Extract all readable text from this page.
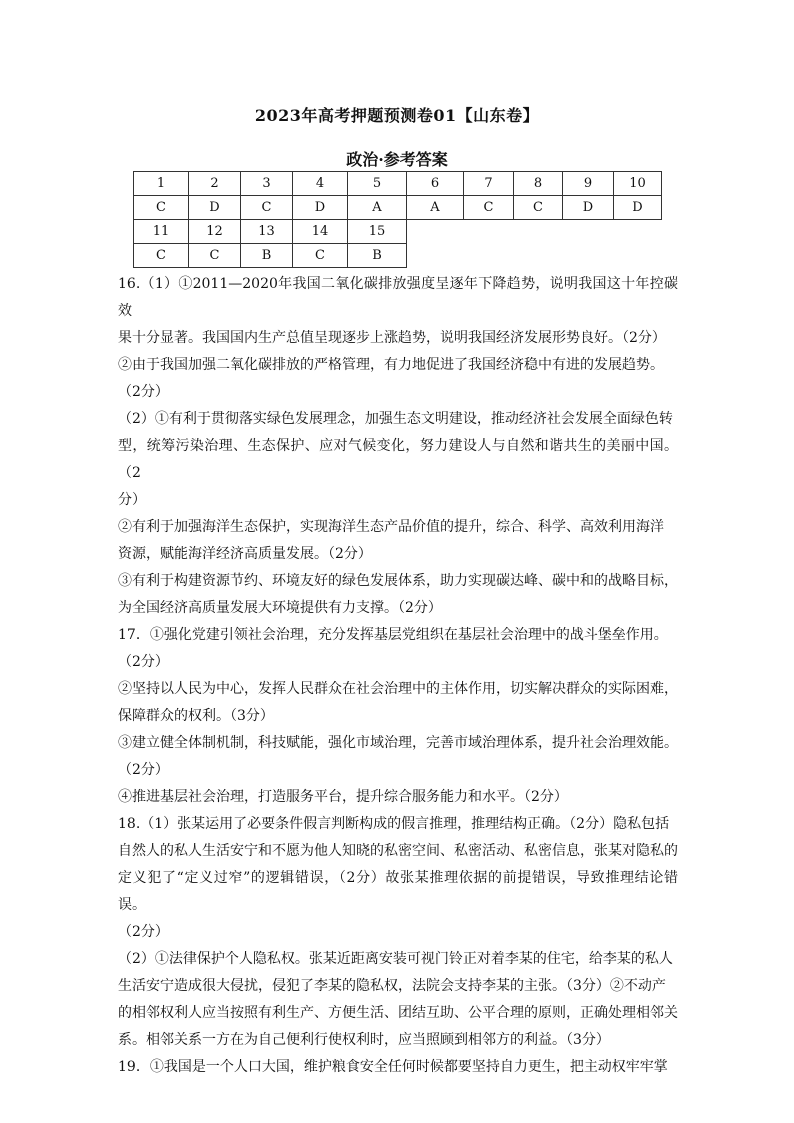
2023年高考押题预测卷01【山东卷】
政治·参考答案
1	2	3	4	5	6	7	8	9	10
C	D	C	D	A	A	C	C	D	D
11	12	13	14	15					
C	C	B	C	B					

16.（1）①2011—2020年我国二氧化碳排放强度呈逐年下降趋势，说明我国这十年控碳效

果十分显著。我国国内生产总值呈现逐步上涨趋势，说明我国经济发展形势良好。（2分）

②由于我国加强二氧化碳排放的严格管理，有力地促进了我国经济稳中有进的发展趋势。

（2分）

（2）①有利于贯彻落实绿色发展理念，加强生态文明建设，推动经济社会发展全面绿色转

型，统筹污染治理、生态保护、应对气候变化，努力建设人与自然和谐共生的美丽中国。（2

分）

②有利于加强海洋生态保护，实现海洋生态产品价值的提升，综合、科学、高效利用海洋

资源，赋能海洋经济高质量发展。（2分）

③有利于构建资源节约、环境友好的绿色发展体系，助力实现碳达峰、碳中和的战略目标，

为全国经济高质量发展大环境提供有力支撑。（2分）

17．①强化党建引领社会治理，充分发挥基层党组织在基层社会治理中的战斗堡垒作用。

（2分）

②坚持以人民为中心，发挥人民群众在社会治理中的主体作用，切实解决群众的实际困难，

保障群众的权利。（3分）

③建立健全体制机制，科技赋能，强化市域治理，完善市域治理体系，提升社会治理效能。

（2分）

④推进基层社会治理，打造服务平台，提升综合服务能力和水平。（2分）

18.（1）张某运用了必要条件假言判断构成的假言推理，推理结构正确。（2分）隐私包括

自然人的私人生活安宁和不愿为他人知晓的私密空间、私密活动、私密信息，张某对隐私的

定义犯了“定义过窄”的逻辑错误，（2分）故张某推理依据的前提错误，导致推理结论错误。

（2分）

（2）①法律保护个人隐私权。张某近距离安装可视门铃正对着李某的住宅，给李某的私人

生活安宁造成很大侵扰，侵犯了李某的隐私权，法院会支持李某的主张。（3分）②不动产

的相邻权利人应当按照有利生产、方便生活、团结互助、公平合理的原则，正确处理相邻关

系。相邻关系一方在为自己便利行使权利时，应当照顾到相邻方的利益。（3分）

19．①我国是一个人口大国，维护粮食安全任何时候都要坚持自力更生，把主动权牢牢掌
